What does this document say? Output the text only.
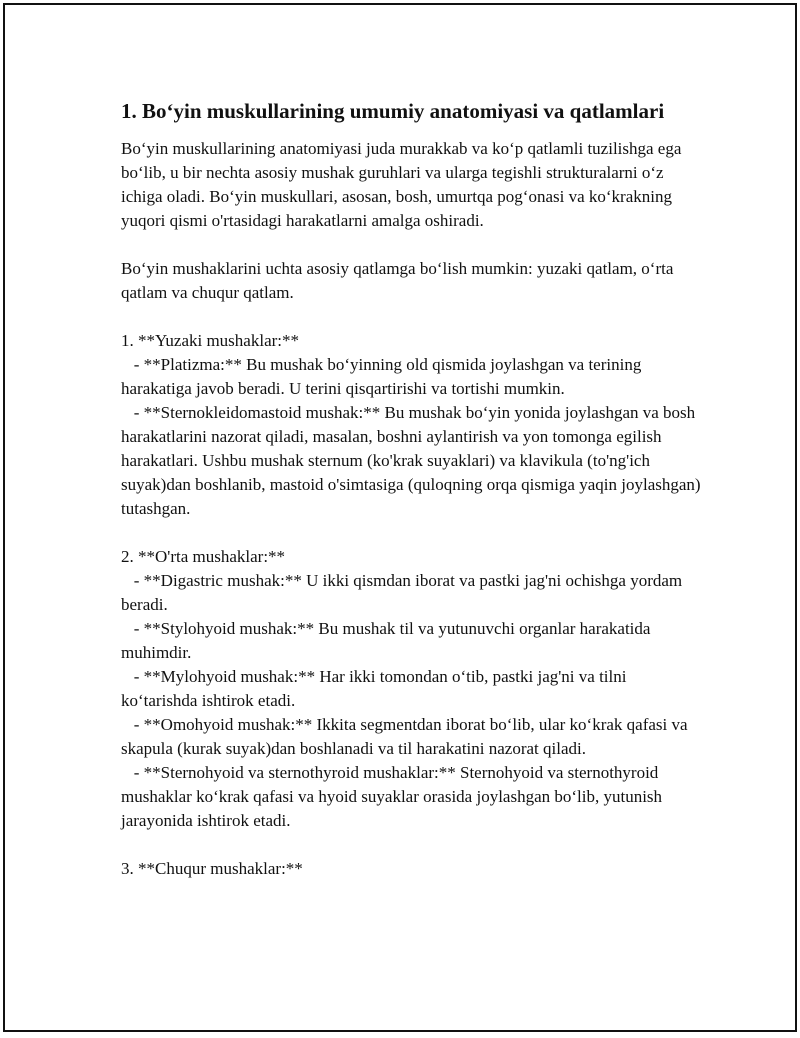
1. Bo‘yin muskullarining umumiy anatomiyasi va qatlamlari

Bo‘yin muskullarining anatomiyasi juda murakkab va ko‘p qatlamli tuzilishga ega bo‘lib, u bir nechta asosiy mushak guruhlari va ularga tegishli strukturalarni o‘z ichiga oladi. Bo‘yin muskullari, asosan, bosh, umurtqa pog‘onasi va ko‘krakning yuqori qismi o'rtasidagi harakatlarni amalga oshiradi.

Bo‘yin mushaklarini uchta asosiy qatlamga bo‘lish mumkin: yuzaki qatlam, o‘rta qatlam va chuqur qatlam.

1. **Yuzaki mushaklar:**

- **Platizma:** Bu mushak bo‘yinning old qismida joylashgan va terining harakatiga javob beradi. U terini qisqartirishi va tortishi mumkin.

- **Sternokleidomastoid mushak:** Bu mushak bo‘yin yonida joylashgan va bosh harakatlarini nazorat qiladi, masalan, boshni aylantirish va yon tomonga egilish harakatlari. Ushbu mushak sternum (ko'krak suyaklari) va klavikula (to'ng'ich suyak)dan boshlanib, mastoid o'simtasiga (quloqning orqa qismiga yaqin joylashgan) tutashgan.

2. **O'rta mushaklar:**

- **Digastric mushak:** U ikki qismdan iborat va pastki jag'ni ochishga yordam beradi.

- **Stylohyoid mushak:** Bu mushak til va yutunuvchi organlar harakatida muhimdir.

- **Mylohyoid mushak:** Har ikki tomondan o‘tib, pastki jag'ni va tilni ko‘tarishda ishtirok etadi.

- **Omohyoid mushak:** Ikkita segmentdan iborat bo‘lib, ular ko‘krak qafasi va skapula (kurak suyak)dan boshlanadi va til harakatini nazorat qiladi.

- **Sternohyoid va sternothyroid mushaklar:** Sternohyoid va sternothyroid mushaklar ko‘krak qafasi va hyoid suyaklar orasida joylashgan bo‘lib, yutunish jarayonida ishtirok etadi.

3. **Chuqur mushaklar:**
